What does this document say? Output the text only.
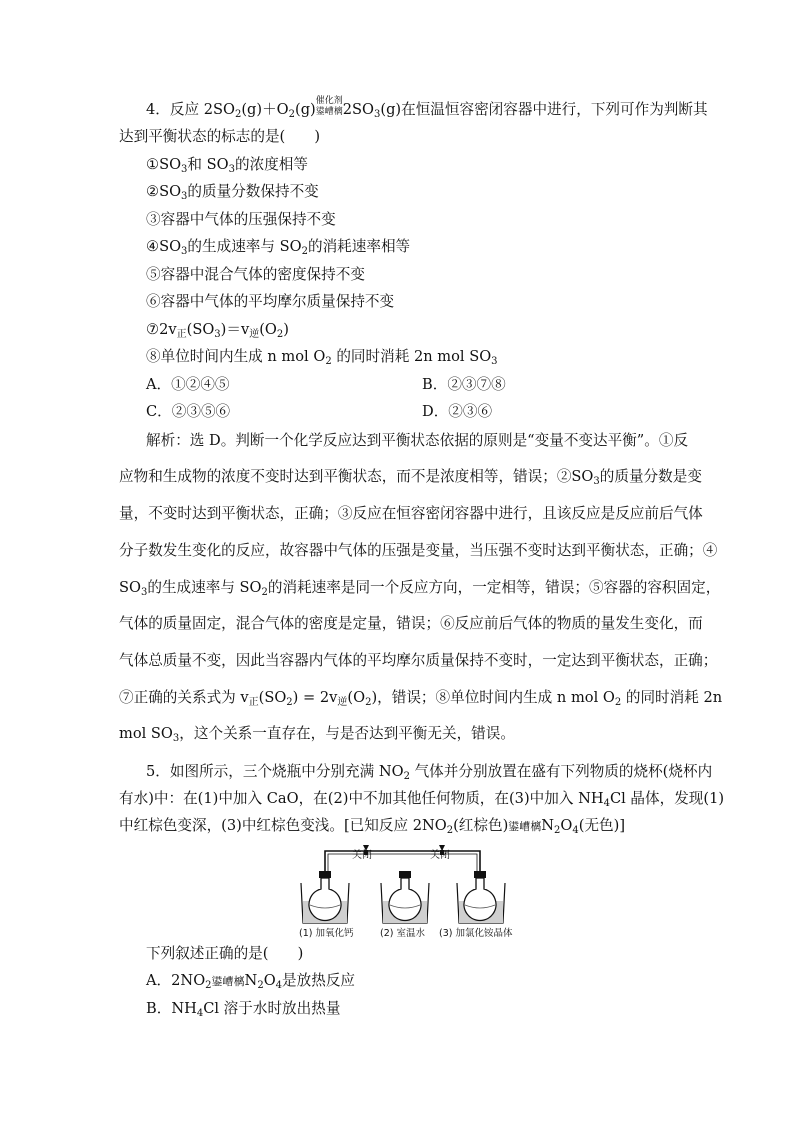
4．反应 $2SO_2(g)+O_2(g)$ 催化剂
鍙嶆樆$2SO_3(g)$在恒温恒容密闭容器中进行，下列可作为判断其
达到平衡状态的标志的是(　　)
$①SO_3$和 $SO_3$的浓度相等
$②SO_3$的质量分数保持不变
③容器中气体的压强保持不变
$④SO_3$的生成速率与 $SO_2$的消耗速率相等
⑤容器中混合气体的密度保持不变
⑥容器中气体的平均摩尔质量保持不变
$⑦2v_正(SO_3)=v_逆(O_2)$
⑧单位时间内生成 n mol $O_2$ 的同时消耗 2n mol $SO_3$
A．①②④⑤	B．②③⑦⑧
C．②③⑤⑥	D．②③⑥
解析：选 D。判断一个化学反应达到平衡状态依据的原则是“变量不变达平衡”。①反
应物和生成物的浓度不变时达到平衡状态，而不是浓度相等，错误；$②SO_3$的质量分数是变
量，不变时达到平衡状态，正确；③反应在恒容密闭容器中进行，且该反应是反应前后气体
分子数发生变化的反应，故容器中气体的压强是变量，当压强不变时达到平衡状态，正确；④
$SO_3$的生成速率与 $SO_2$的消耗速率是同一个反应方向，一定相等，错误；⑤容器的容积固定，
气体的质量固定，混合气体的密度是定量，错误；⑥反应前后气体的物质的量发生变化，而
气体总质量不变，因此当容器内气体的平均摩尔质量保持不变时，一定达到平衡状态，正确；
⑦正确的关系式为 $v_正(SO_2) = 2v_逆(O_2)$，错误；⑧单位时间内生成 n mol $O_2$ 的同时消耗 2n
mol $SO_3$，这个关系一直存在，与是否达到平衡无关，错误。
5．如图所示，三个烧瓶中分别充满 $NO_2$ 气体并分别放置在盛有下列物质的烧杯(烧杯内
有水)中：在(1)中加入 CaO，在(2)中不加其他任何物质，在(3)中加入 $NH_4Cl$ 晶体，发现(1)
中红棕色变深，(3)中红棕色变浅。[已知反应 $2NO_2$(红棕色)鍙嶆樆$N_2O_4$(无色)]
关闭	关闭
(1) 加氧化钙	(2) 室温水 (3) 加氯化铵晶体
下列叙述正确的是(　　)
A．$2NO_2$鍙嶆樆$N_2O_4$是放热反应
B．$NH_4Cl$ 溶于水时放出热量
